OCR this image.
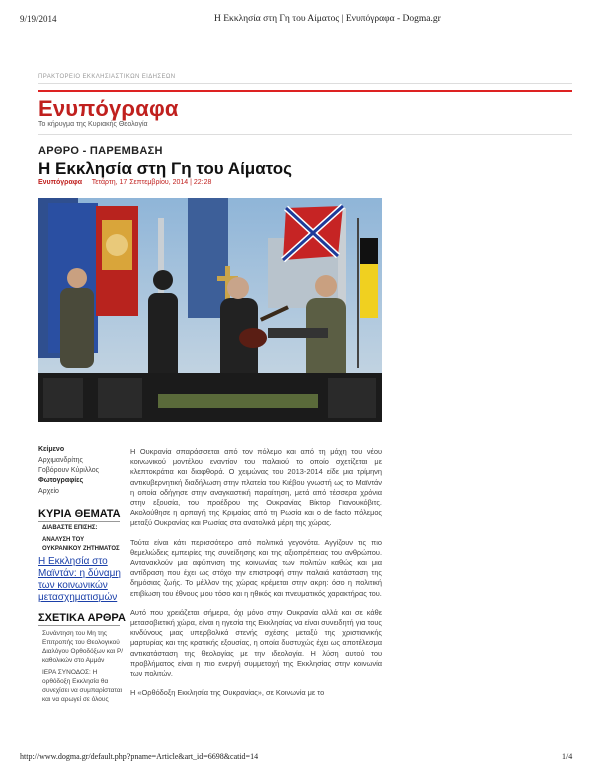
9/19/2014	Η Εκκλησία στη Γη του Αίματος | Ενυπόγραφα - Dogma.gr
ΠΡΑΚΤΟΡΕΙΟ ΕΚΚΛΗΣΙΑΣΤΙΚΩΝ ΕΙΔΗΣΕΩΝ
Ενυπόγραφα
Το κήρυγμα της Κυριακής Θεολογία
ΑΡΘΡΟ - ΠΑΡΕΜΒΑΣΗ
Η Εκκλησία στη Γη του Αίματος
Ενυπόγραφα Τετάρτη, 17 Σεπτεμβρίου, 2014 | 22:28
Κείμενο
Αρχιμανδρίτης
Γοβόρουν Κύριλλος
Φωτογραφίες
Αρχείο
ΚΥΡΙΑ ΘΕΜΑΤΑ
ΔΙΑΒΑΣΤΕ ΕΠΙΣΗΣ:
ΑΝΑΛΥΣΗ ΤΟΥ
ΟΥΚΡΑΝΙΚΟΥ ΖΗΤΗΜΑΤΟΣ
Η Εκκλησία στο
Μαϊντάν: η δύναμη
των κοινωνικών
μετασχηματισμών
ΣΧΕΤΙΚΑ ΑΡΘΡΑ
Συνάντηση του Μη της
Επιτροπής του Θεολογικού
Διαλόγου Ορθοδόξων και Ρ/
καθολικών στο Αμμάν
ΙΕΡΑ ΣΥΝΟΔΟΣ: Η
ορθόδοξη Εκκλησία θα
συνεχίσει να συμπαρίσταται
και να αρωγεί σε όλους

Η Ουκρανία σπαράσσεται από τον πόλεμο και από τη μάχη του νέου κοινωνικού μοντέλου εναντίον του παλαιού το οποίο σχετίζεται με κλεπτοκράτια και διαφθορά. Ο χειμώνας του 2013-2014 είδε μια τρίμηνη αντικυβερνητική διαδήλωση στην πλατεία του Κιέβου γνωστή ως το Μαϊντάν η οποία οδήγησε στην αναγκαστική παραίτηση, μετά από τέσσερα χρόνια στην εξουσία, του προέδρου της Ουκρανίας Βίκτορ Γιανουκόβιτς. Ακολούθησε η αρπαγή της Κριμαίας από τη Ρωσία και ο de facto πόλεμος μεταξύ Ουκρανίας και Ρωσίας στα ανατολικά μέρη της χώρας.

Τούτα είναι κάτι περισσότερο από πολιτικά γεγονότα. Αγγίζουν τις πιο θεμελιώδεις εμπειρίες της συνείδησης και της αξιοπρέπειας του ανθρώπου. Αντανακλούν μια αφύπνιση της κοινωνίας των πολιτών καθώς και μια αντίδραση που έχει ως στόχο την επιστροφή στην παλαιά κατάσταση της δημόσιας ζωής. Το μέλλον της χώρας κρέμεται στην ακρη: όσο η πολιτική επιβίωση του έθνους μου τόσο και η ηθικός και πνευματικός χαρακτήρας του.

Αυτό που χρειάζεται σήμερα, όχι μόνο στην Ουκρανία αλλά και σε κάθε μετασοβιετική χώρα, είναι η ηγεσία της Εκκλησίας να είναι συνειδητή για τους κινδύνους μιας υπερβολικά στενής σχέσης μεταξύ της χριστιανικής μαρτυρίας και της κρατικής εξουσίας, η οποία δυστυχώς έχει ως αποτέλεσμα αντικατάσταση της θεολογίας με την ιδεολογία. Η λύση αυτού του προβλήματος είναι η πιο ενεργή συμμετοχή της Εκκλησίας στην κοινωνία των πολιτών.

Η «Ορθόδοξη Εκκλησία της Ουκρανίας», σε Κοινωνία με το

http://www.dogma.gr/default.php?pname=Article&art_id=6698&catid=14	1/4
